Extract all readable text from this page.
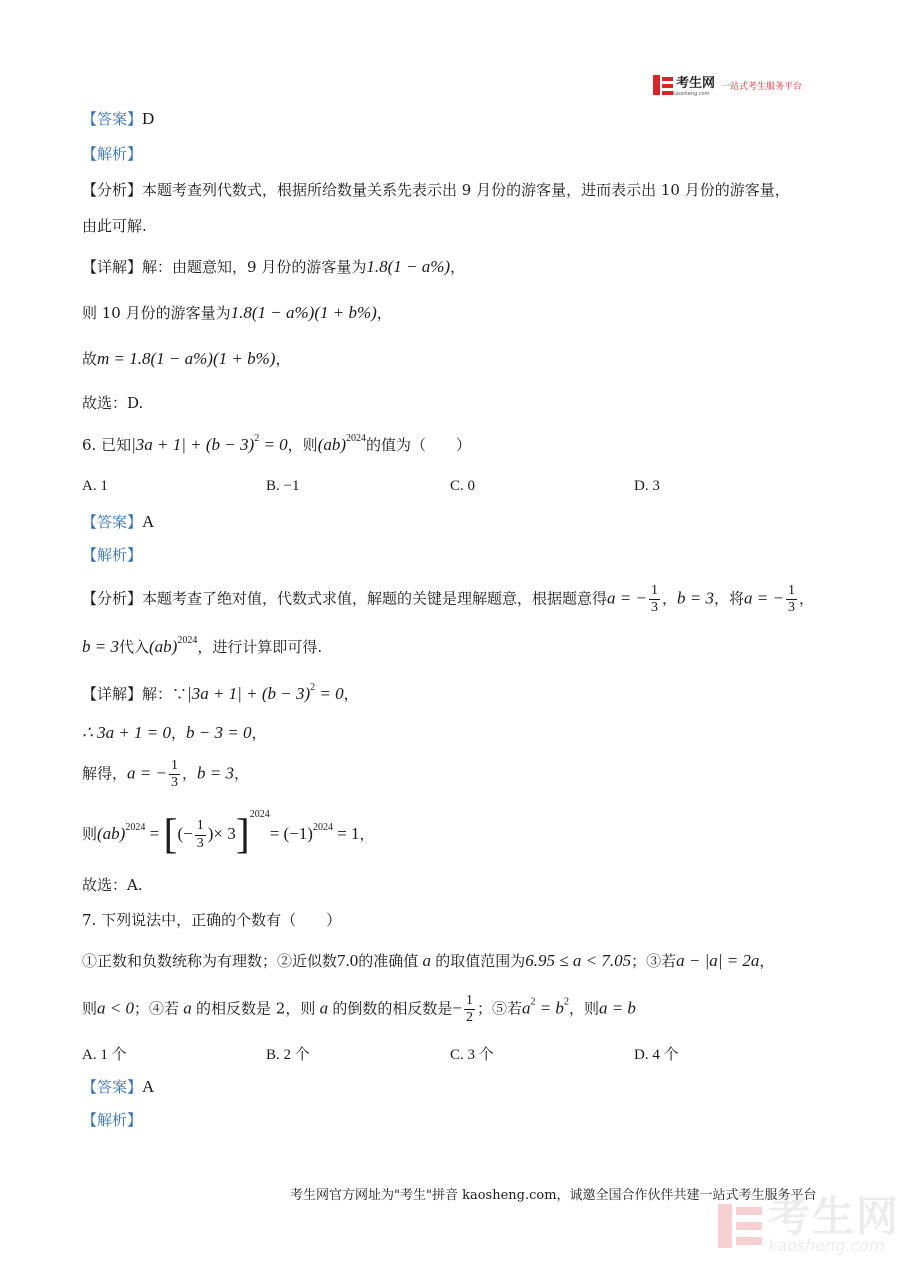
考生网
kaosheng.com
一站式考生服务平台
【答案】D
【解析】
【分析】本题考查列代数式，根据所给数量关系先表示出 9 月份的游客量，进而表示出 10 月份的游客量，
由此可解.
【详解】解：由题意知，9 月份的游客量为1.8(1 − a%)，
则 10 月份的游客量为1.8(1 − a%)(1 + b%)，
故m = 1.8(1 − a%)(1 + b%)，
故选：D.
6. 已知$|3a + 1| + (b - 3)^2 = 0$，则(ab)$^{2024}$的值为（　　）
A. 1	B. −1	C. 0	D. 3
【答案】A
【解析】
【分析】本题考查了绝对值，代数式求值，解题的关键是理解题意，根据题意得a = − $\frac{1}{3}$ ，b = 3，将a = − $\frac{1}{3}$ ，
b = 3代入(ab)$^{2024}$，进行计算即可得.
【详解】解：∵|3a + $1| + (b - 3)^2 = 0$，
∴ 3a + 1 = 0，b − 3 = 0，
解得，a = − $\frac{1}{3}$ ，b = 3，
则(ab)$^{2024}$ = [(− $\frac{1}{3}$ )× $3]^{2024}= (-1)^{2024} = 1$，
故选：A.
7. 下列说法中，正确的个数有（　　）
①正数和负数统称为有理数；②近似数7.0的准确值 a 的取值范围为6.95 ≤ a < 7.05；③若a − |a| = 2a，
则a < 0；④若 a 的相反数是 2，则 a 的倒数的相反数是− $\frac{1}{2}$ ；⑤若$a^2 = b^2$，则a = b
A. 1 个	B. 2 个	C. 3 个	D. 4 个
【答案】A
【解析】
考生网官方网址为"考生"拼音 kaosheng.com，诚邀全国合作伙伴共建一站式考生服务平台
考生网
kaosheng.com
